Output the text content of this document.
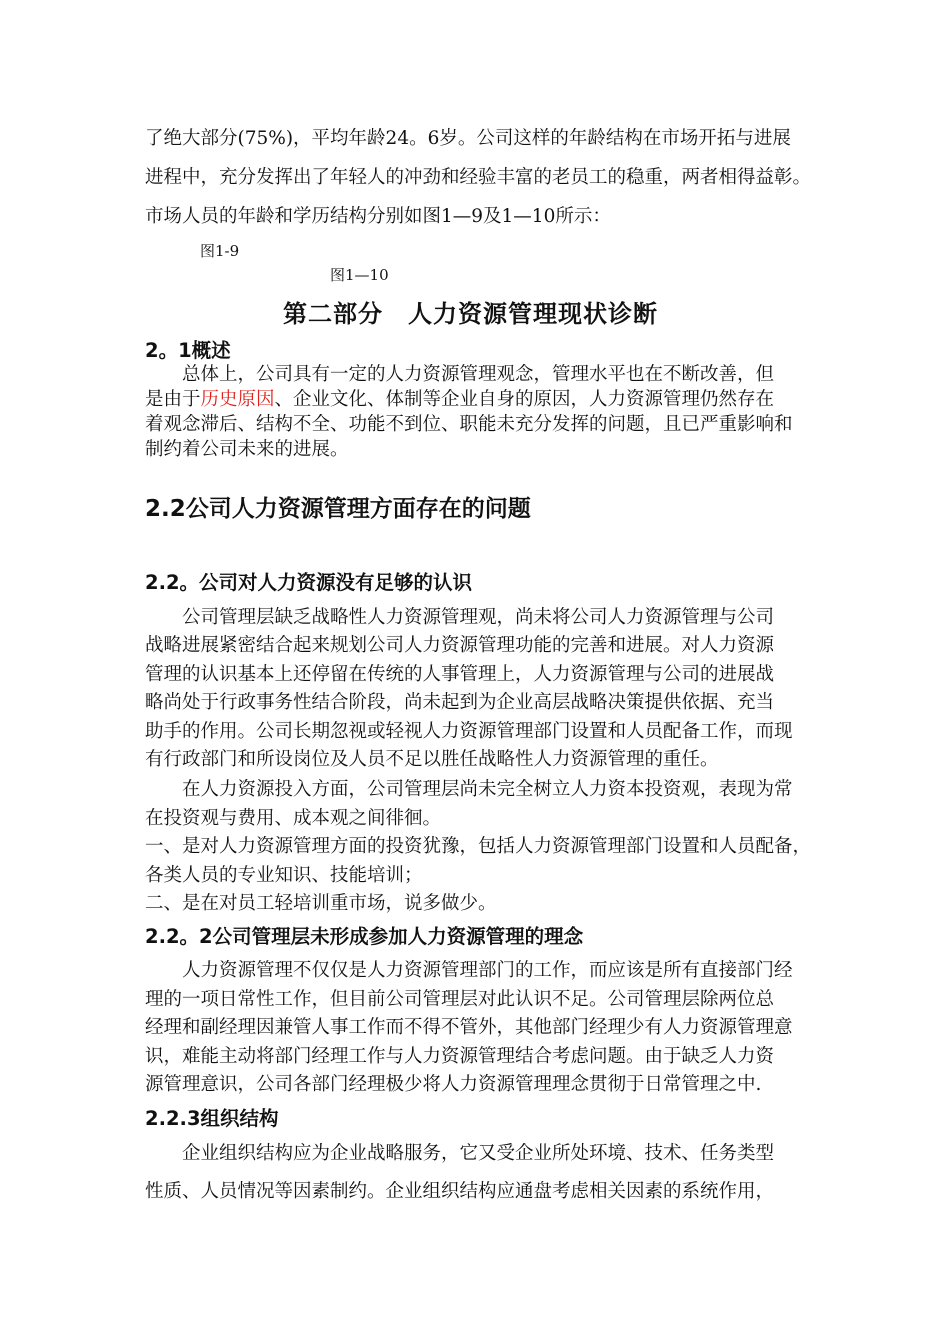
了绝大部分(75%)，平均年龄24。6岁。公司这样的年龄结构在市场开拓与进展
进程中，充分发挥出了年轻人的冲劲和经验丰富的老员工的稳重，两者相得益彰。
市场人员的年龄和学历结构分别如图1—9及1—10所示：
图1-9
图1—10
第二部分　人力资源管理现状诊断
2。1概述
总体上，公司具有一定的人力资源管理观念，管理水平也在不断改善，但
是由于历史原因、企业文化、体制等企业自身的原因，人力资源管理仍然存在
着观念滞后、结构不全、功能不到位、职能未充分发挥的问题，且已严重影响和
制约着公司未来的进展。
2.2公司人力资源管理方面存在的问题
2.2。公司对人力资源没有足够的认识
公司管理层缺乏战略性人力资源管理观，尚未将公司人力资源管理与公司
战略进展紧密结合起来规划公司人力资源管理功能的完善和进展。对人力资源
管理的认识基本上还停留在传统的人事管理上，人力资源管理与公司的进展战
略尚处于行政事务性结合阶段，尚未起到为企业高层战略决策提供依据、充当
助手的作用。公司长期忽视或轻视人力资源管理部门设置和人员配备工作，而现
有行政部门和所设岗位及人员不足以胜任战略性人力资源管理的重任。
在人力资源投入方面，公司管理层尚未完全树立人力资本投资观，表现为常
在投资观与费用、成本观之间徘徊。
一、是对人力资源管理方面的投资犹豫，包括人力资源管理部门设置和人员配备，
各类人员的专业知识、技能培训；
二、是在对员工轻培训重市场，说多做少。
2.2。2公司管理层未形成参加人力资源管理的理念
人力资源管理不仅仅是人力资源管理部门的工作，而应该是所有直接部门经
理的一项日常性工作，但目前公司管理层对此认识不足。公司管理层除两位总
经理和副经理因兼管人事工作而不得不管外，其他部门经理少有人力资源管理意
识，难能主动将部门经理工作与人力资源管理结合考虑问题。由于缺乏人力资
源管理意识，公司各部门经理极少将人力资源管理理念贯彻于日常管理之中.
2.2.3组织结构
企业组织结构应为企业战略服务，它又受企业所处环境、技术、任务类型
性质、人员情况等因素制约。企业组织结构应通盘考虑相关因素的系统作用，
